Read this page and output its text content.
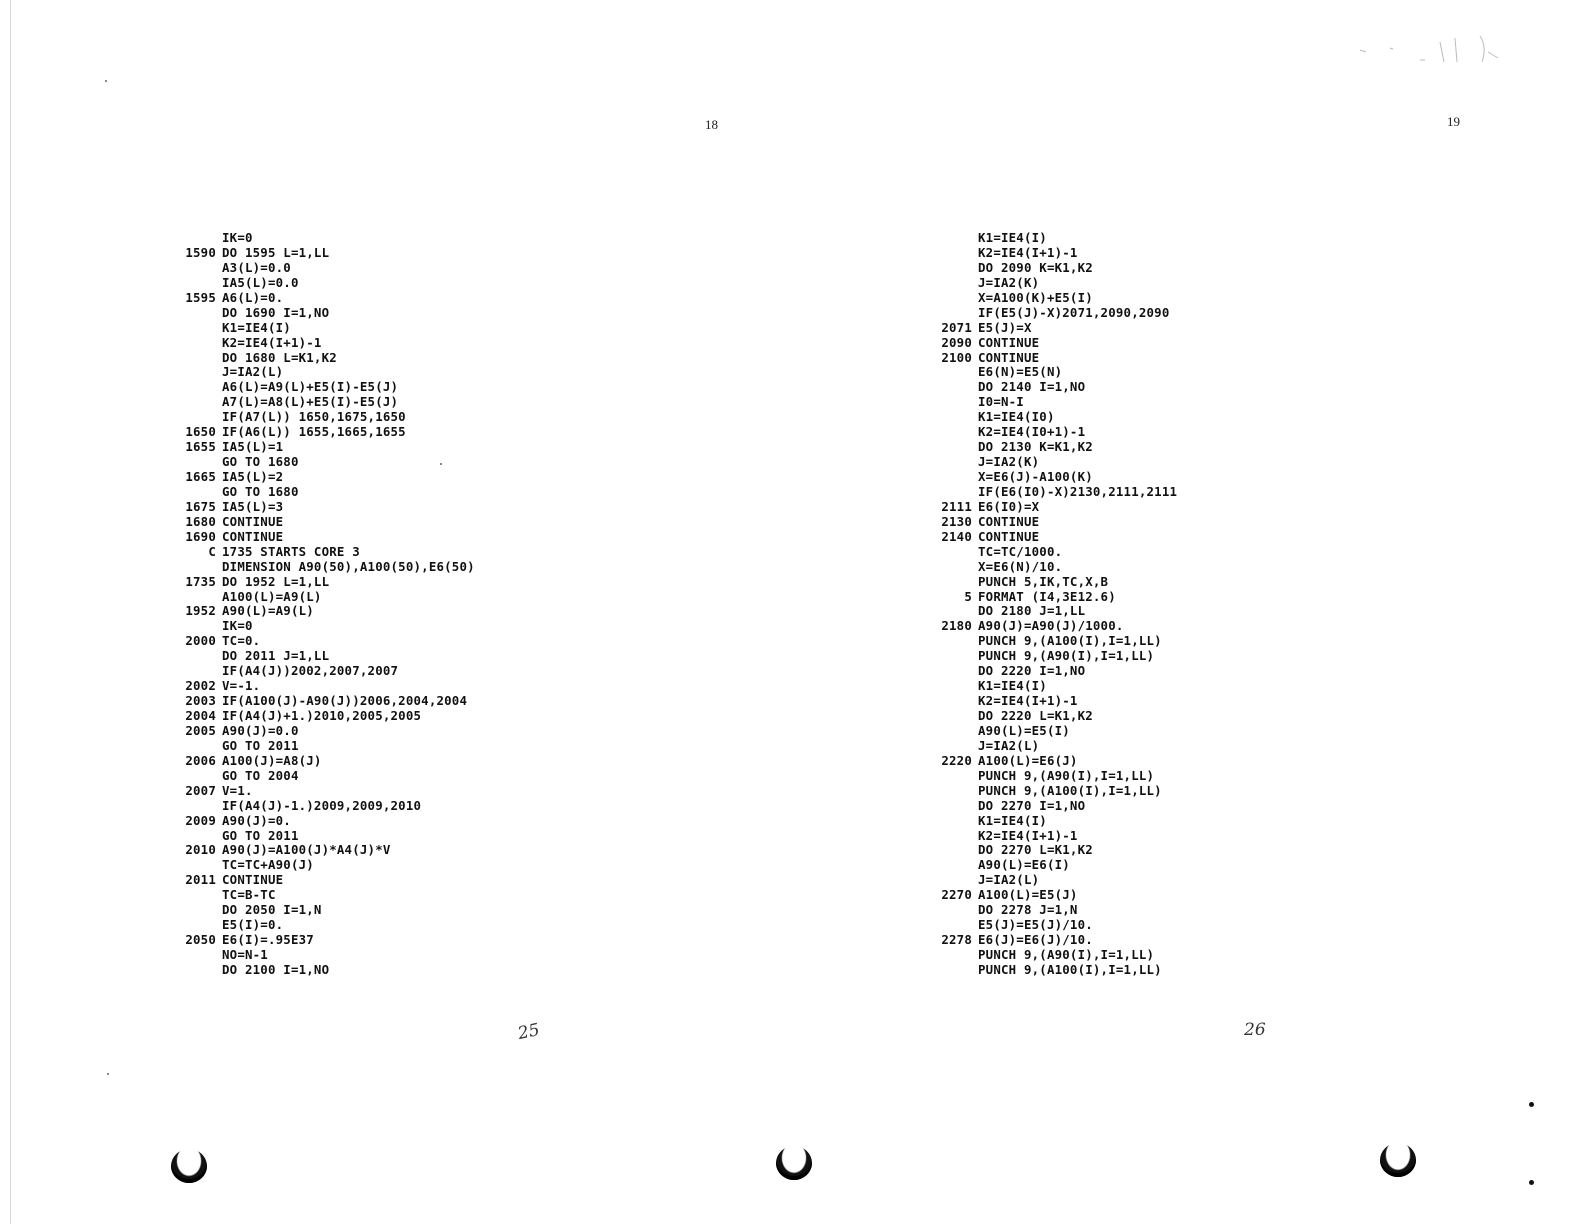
18	19
IK=0
1590 DO 1595 L=1,LL
A3(L)=0.0
IA5(L)=0.0
1595 A6(L)=0.
DO 1690 I=1,NO
K1=IE4(I)
K2=IE4(I+1)-1
DO 1680 L=K1,K2
J=IA2(L)
A6(L)=A9(L)+E5(I)-E5(J)
A7(L)=A8(L)+E5(I)-E5(J)
IF(A7(L)) 1650,1675,1650
1650 IF(A6(L)) 1655,1665,1655
1655 IA5(L)=1
GO TO 1680
1665 IA5(L)=2
GO TO 1680
1675 IA5(L)=3
1680 CONTINUE
1690 CONTINUE
C 1735 STARTS CORE 3
DIMENSION A90(50),A100(50),E6(50)
1735 DO 1952 L=1,LL
A100(L)=A9(L)
1952 A90(L)=A9(L)
IK=0
2000 TC=0.
DO 2011 J=1,LL
IF(A4(J))2002,2007,2007
2002 V=-1.
2003 IF(A100(J)-A90(J))2006,2004,2004
2004 IF(A4(J)+1.)2010,2005,2005
2005 A90(J)=0.0
GO TO 2011
2006 A100(J)=A8(J)
GO TO 2004
2007 V=1.
IF(A4(J)-1.)2009,2009,2010
2009 A90(J)=0.
GO TO 2011
2010 A90(J)=A100(J)*A4(J)*V
TC=TC+A90(J)
2011 CONTINUE
TC=B-TC
DO 2050 I=1,N
E5(I)=0.
2050 E6(I)=.95E37
NO=N-1
DO 2100 I=1,NO
K1=IE4(I)
K2=IE4(I+1)-1
DO 2090 K=K1,K2
J=IA2(K)
X=A100(K)+E5(I)
IF(E5(J)-X)2071,2090,2090
2071 E5(J)=X
2090 CONTINUE
2100 CONTINUE
E6(N)=E5(N)
DO 2140 I=1,NO
I0=N-I
K1=IE4(I0)
K2=IE4(I0+1)-1
DO 2130 K=K1,K2
J=IA2(K)
X=E6(J)-A100(K)
IF(E6(I0)-X)2130,2111,2111
2111 E6(I0)=X
2130 CONTINUE
2140 CONTINUE
TC=TC/1000.
X=E6(N)/10.
PUNCH 5,IK,TC,X,B
5 FORMAT (I4,3E12.6)
DO 2180 J=1,LL
2180 A90(J)=A90(J)/1000.
PUNCH 9,(A100(I),I=1,LL)
PUNCH 9,(A90(I),I=1,LL)
DO 2220 I=1,NO
K1=IE4(I)
K2=IE4(I+1)-1
DO 2220 L=K1,K2
A90(L)=E5(I)
J=IA2(L)
2220 A100(L)=E6(J)
PUNCH 9,(A90(I),I=1,LL)
PUNCH 9,(A100(I),I=1,LL)
DO 2270 I=1,NO
K1=IE4(I)
K2=IE4(I+1)-1
DO 2270 L=K1,K2
A90(L)=E6(I)
J=IA2(L)
2270 A100(L)=E5(J)
DO 2278 J=1,N
E5(J)=E5(J)/10.
2278 E6(J)=E6(J)/10.
PUNCH 9,(A90(I),I=1,LL)
PUNCH 9,(A100(I),I=1,LL)
25	26
